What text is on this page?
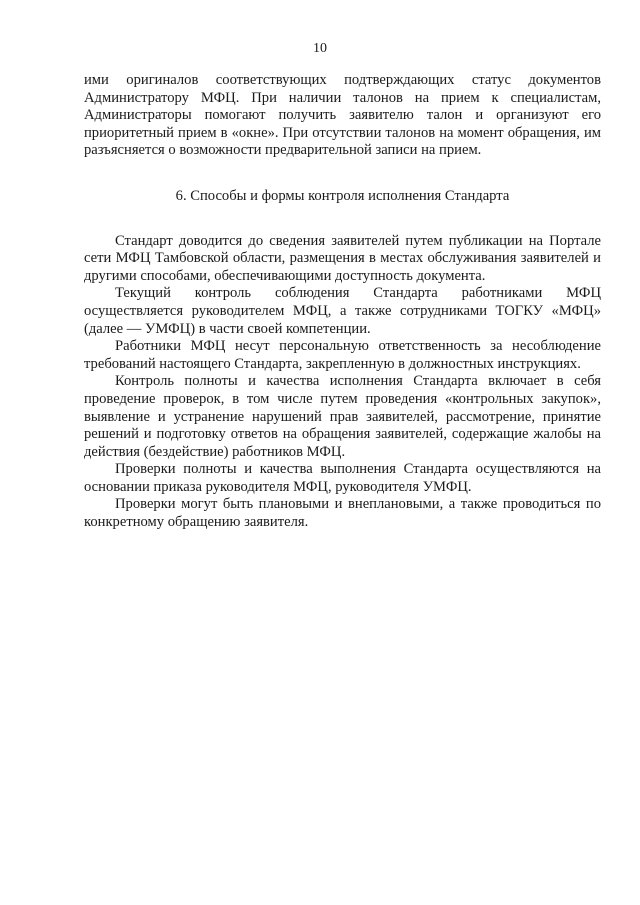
10

ими оригиналов соответствующих подтверждающих статус документов Администратору МФЦ. При наличии талонов на прием к специалистам, Администраторы помогают получить заявителю талон и организуют его приоритетный прием в «окне». При отсутствии талонов на момент обращения, им разъясняется о возможности предварительной записи на прием.

6. Способы и формы контроля исполнения Стандарта

Стандарт доводится до сведения заявителей путем публикации на Портале сети МФЦ Тамбовской области, размещения в местах обслуживания заявителей и другими способами, обеспечивающими доступность документа.

Текущий контроль соблюдения Стандарта работниками МФЦ осуществляется руководителем МФЦ, а также сотрудниками ТОГКУ «МФЦ» (далее — УМФЦ) в части своей компетенции.

Работники МФЦ несут персональную ответственность за несоблюдение требований настоящего Стандарта, закрепленную в должностных инструкциях.

Контроль полноты и качества исполнения Стандарта включает в себя проведение проверок, в том числе путем проведения «контрольных закупок», выявление и устранение нарушений прав заявителей, рассмотрение, принятие решений и подготовку ответов на обращения заявителей, содержащие жалобы на действия (бездействие) работников МФЦ.

Проверки полноты и качества выполнения Стандарта осуществляются на основании приказа руководителя МФЦ, руководителя УМФЦ.

Проверки могут быть плановыми и внеплановыми, а также проводиться по конкретному обращению заявителя.
